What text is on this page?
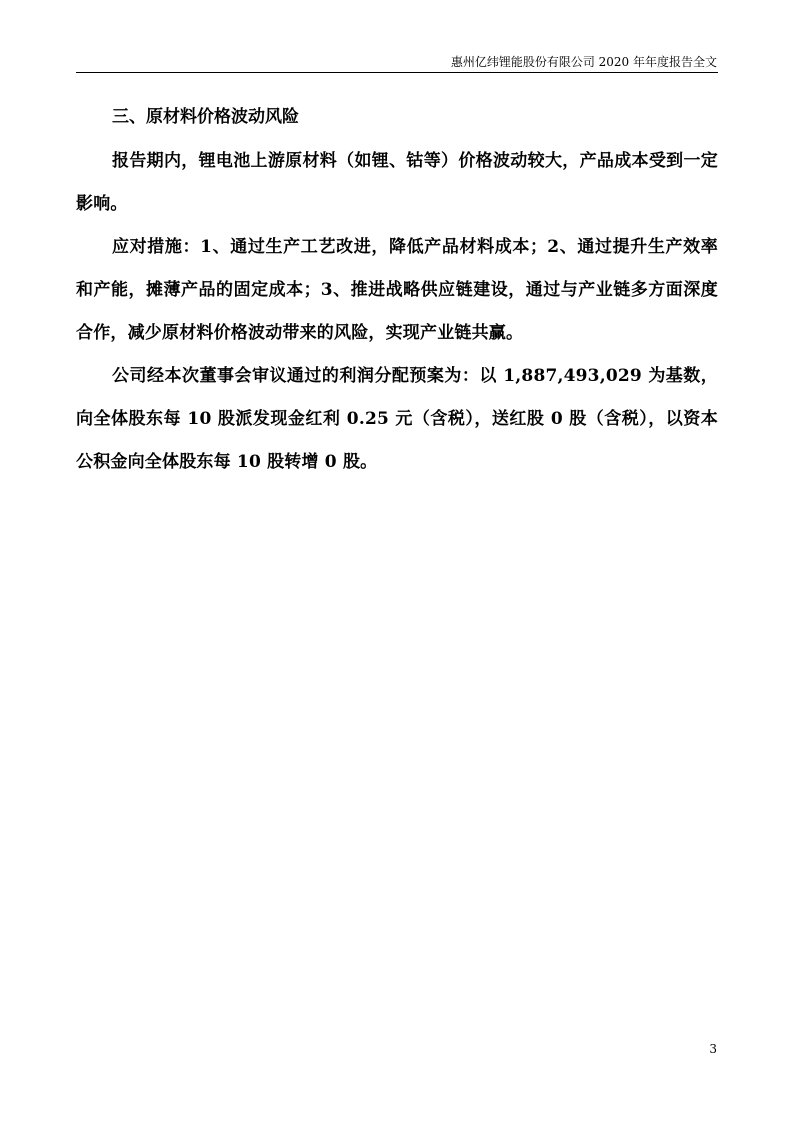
惠州亿纬锂能股份有限公司 2020 年年度报告全文

三、原材料价格波动风险

报告期内，锂电池上游原材料（如锂、钴等）价格波动较大，产品成本受到一定影响。

应对措施：1、通过生产工艺改进，降低产品材料成本；2、通过提升生产效率和产能，摊薄产品的固定成本；3、推进战略供应链建设，通过与产业链多方面深度合作，减少原材料价格波动带来的风险，实现产业链共赢。

公司经本次董事会审议通过的利润分配预案为：以 1,887,493,029 为基数，向全体股东每 10 股派发现金红利 0.25 元（含税），送红股 0 股（含税），以资本公积金向全体股东每 10 股转增 0 股。

3
